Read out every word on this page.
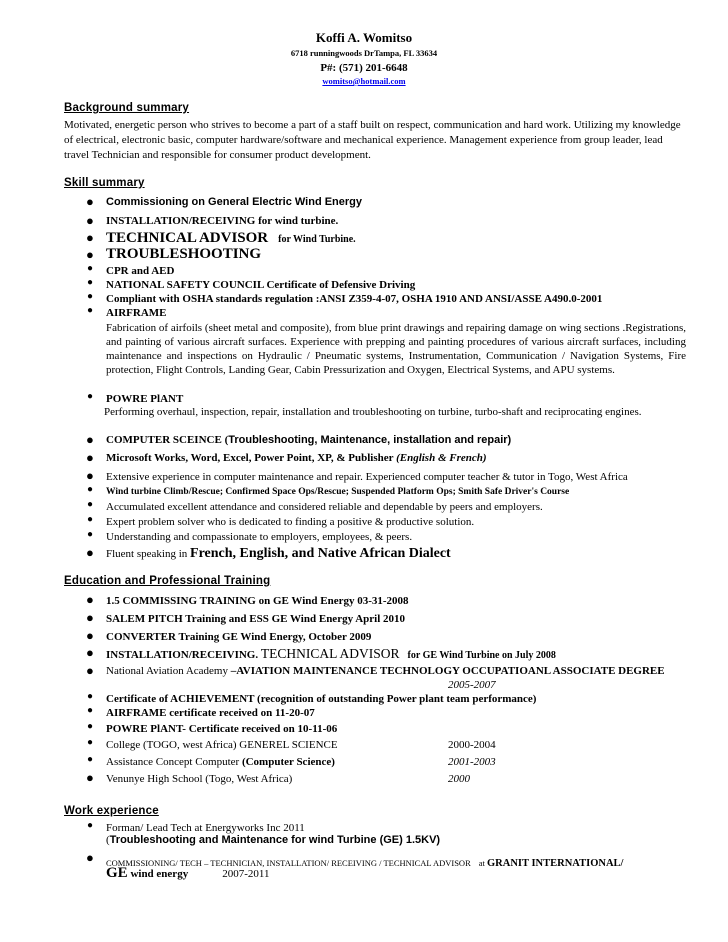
Koffi A. Womitso
6718 runningwoods DrTampa, FL 33634
P#: (571) 201-6648
womitso@hotmail.com
Background summary
Motivated, energetic person who strives to become a part of a staff built on respect, communication and hard work. Utilizing my knowledge of electrical, electronic basic, computer hardware/software and mechanical experience. Management experience from group leader, lead travel Technician and responsible for consumer product development.
Skill summary
● Commissioning on General Electric Wind Energy
● INSTALLATION/RECEIVING for wind turbine.
● TECHNICAL ADVISOR for Wind Turbine.
● TROUBLESHOOTING
● CPR and AED
● NATIONAL SAFETY COUNCIL Certificate of Defensive Driving
● Compliant with OSHA standards regulation :ANSI Z359-4-07, OSHA 1910 AND ANSI/ASSE A490.0-2001
● AIRFRAME
Fabrication of airfoils (sheet metal and composite), from blue print drawings and repairing damage on wing sections .Registrations, and painting of various aircraft surfaces. Experience with prepping and painting procedures of various aircraft surfaces, including maintenance and inspections on Hydraulic / Pneumatic systems, Instrumentation, Communication / Navigation Systems, Fire protection, Flight Controls, Landing Gear, Cabin Pressurization and Oxygen, Electrical Systems, and APU systems.
● POWRE PlANT
Performing overhaul, inspection, repair, installation and troubleshooting on turbine, turbo-shaft and reciprocating engines.
● COMPUTER SCEINCE (Troubleshooting, Maintenance, installation and repair)
● Microsoft Works, Word, Excel, Power Point, XP, & Publisher (English & French)
● Extensive experience in computer maintenance and repair. Experienced computer teacher & tutor in Togo, West Africa
● Wind turbine Climb/Rescue; Confirmed Space Ops/Rescue; Suspended Platform Ops; Smith Safe Driver's Course
● Accumulated excellent attendance and considered reliable and dependable by peers and employers.
● Expert problem solver who is dedicated to finding a positive & productive solution.
● Understanding and compassionate to employers, employees, & peers.
● Fluent speaking in French, English, and Native African Dialect
Education and Professional Training
● 1.5 COMMISSING TRAINING on GE Wind Energy 03-31-2008
● SALEM PITCH Training and ESS GE Wind Energy April 2010
● CONVERTER Training GE Wind Energy, October 2009
● INSTALLATION/RECEIVING. TECHNICAL ADVISOR for GE Wind Turbine on July 2008
● National Aviation Academy –AVIATION MAINTENANCE TECHNOLOGY OCCUPATIOANL ASSOCIATE DEGREE
2005-2007
● Certificate of ACHIEVEMENT (recognition of outstanding Power plant team performance)
● AIRFRAME certificate received on 11-20-07
● POWRE PlANT- Certificate received on 10-11-06
● College (TOGO, west Africa) GENEREL SCIENCE	2000-2004
● Assistance Concept Computer (Computer Science)	2001-2003
● Venunye High School (Togo, West Africa)	2000
Work experience
● Forman/ Lead Tech at Energyworks Inc 2011
(Troubleshooting and Maintenance for wind Turbine (GE) 1.5KV)
● COMMISSIONING/ TECH – TECHNICIAN, INSTALLATION/ RECEIVING / TECHNICAL ADVISOR at GRANIT INTERNATIONAL/
GE wind energy	2007-2011
